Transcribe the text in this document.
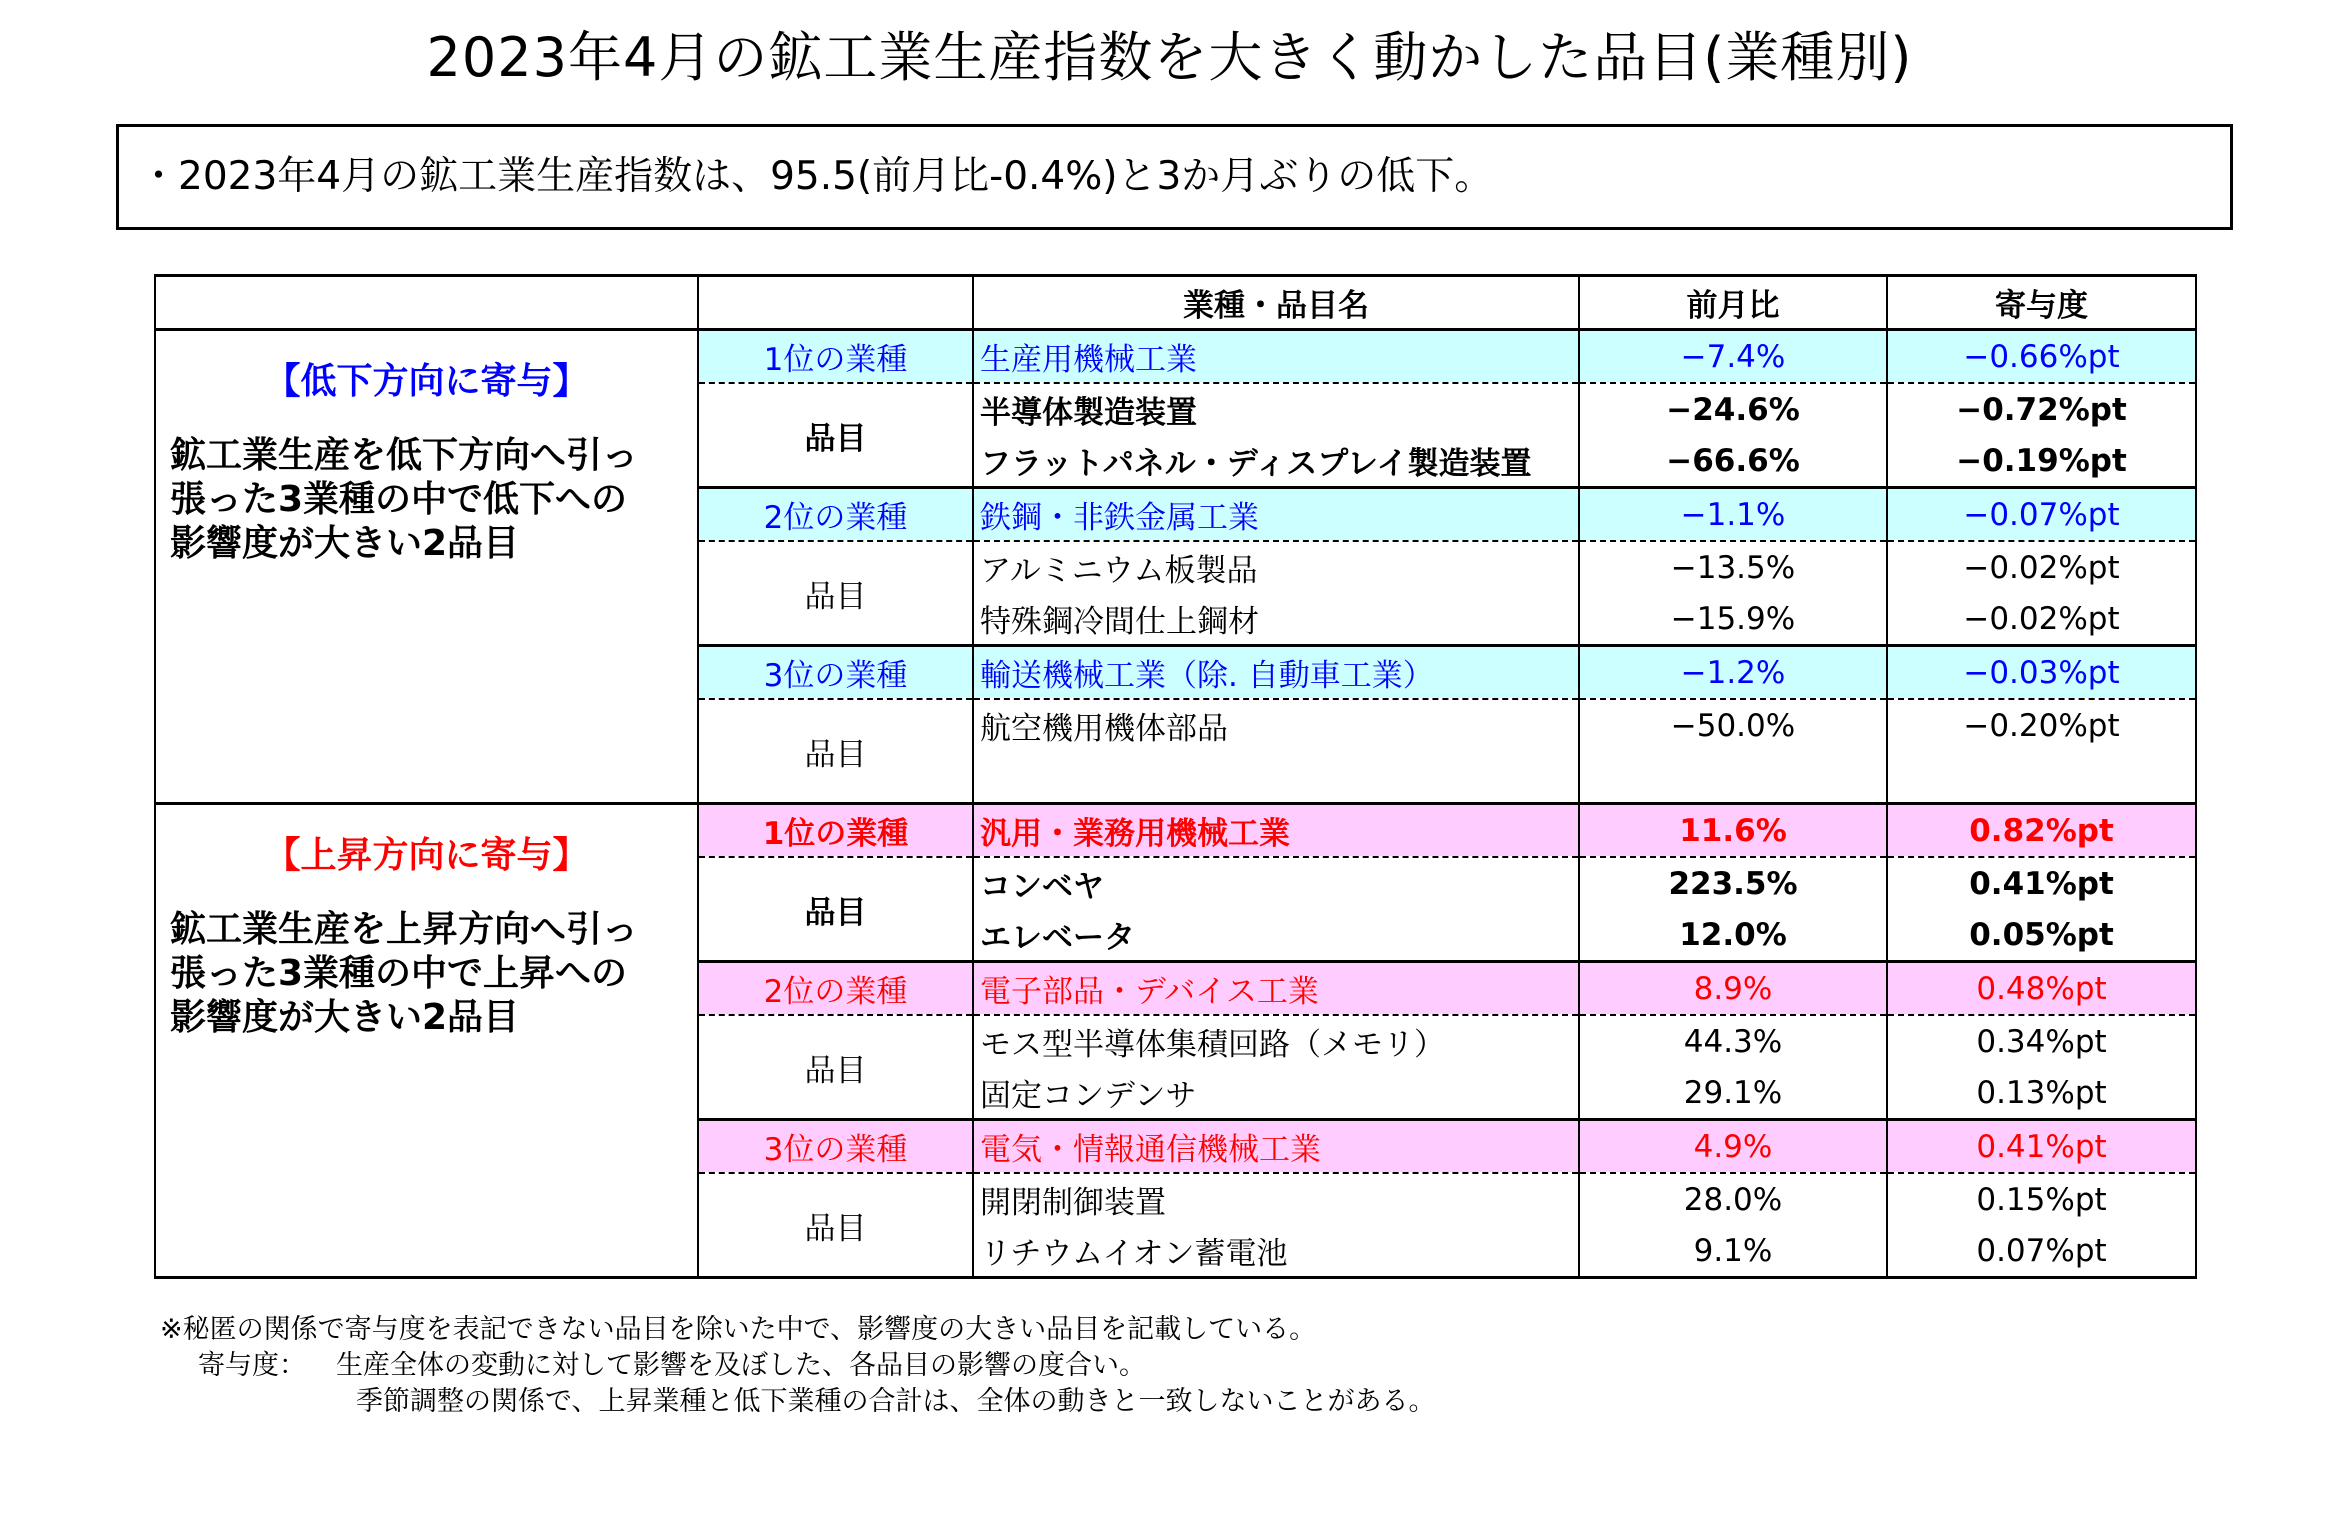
2023年4月の鉱工業生産指数を大きく動かした品目(業種別)
・2023年4月の鉱工業生産指数は、95.5(前月比-0.4%)と3か月ぶりの低下。
		業種・品目名	前月比	寄与度

【低下方向に寄与】
鉱工業生産を低下方向へ引っ張った3業種の中で低下への影響度が大きい2品目	1位の業種	生産用機械工業	−7.4%	−0.66%pt
	品目	半導体製造装置	−24.6%	−0.72%pt
		フラットパネル・ディスプレイ製造装置	−66.6%	−0.19%pt
	2位の業種	鉄鋼・非鉄金属工業	−1.1%	−0.07%pt
	品目	アルミニウム板製品	−13.5%	−0.02%pt
		特殊鋼冷間仕上鋼材	−15.9%	−0.02%pt
	3位の業種	輸送機械工業（除. 自動車工業）	−1.2%	−0.03%pt
	品目	航空機用機体部品	−50.0%	−0.20%pt

【上昇方向に寄与】
鉱工業生産を上昇方向へ引っ張った3業種の中で上昇への影響度が大きい2品目	1位の業種	汎用・業務用機械工業	11.6%	0.82%pt
	品目	コンベヤ	223.5%	0.41%pt
		エレベータ	12.0%	0.05%pt
	2位の業種	電子部品・デバイス工業	8.9%	0.48%pt
	品目	モス型半導体集積回路（メモリ）	44.3%	0.34%pt
		固定コンデンサ	29.1%	0.13%pt
	3位の業種	電気・情報通信機械工業	4.9%	0.41%pt
	品目	開閉制御装置	28.0%	0.15%pt
		リチウムイオン蓄電池	9.1%	0.07%pt
※秘匿の関係で寄与度を表記できない品目を除いた中で、影響度の大きい品目を記載している。
寄与度： 生産全体の変動に対して影響を及ぼした、各品目の影響の度合い。
季節調整の関係で、上昇業種と低下業種の合計は、全体の動きと一致しないことがある。
